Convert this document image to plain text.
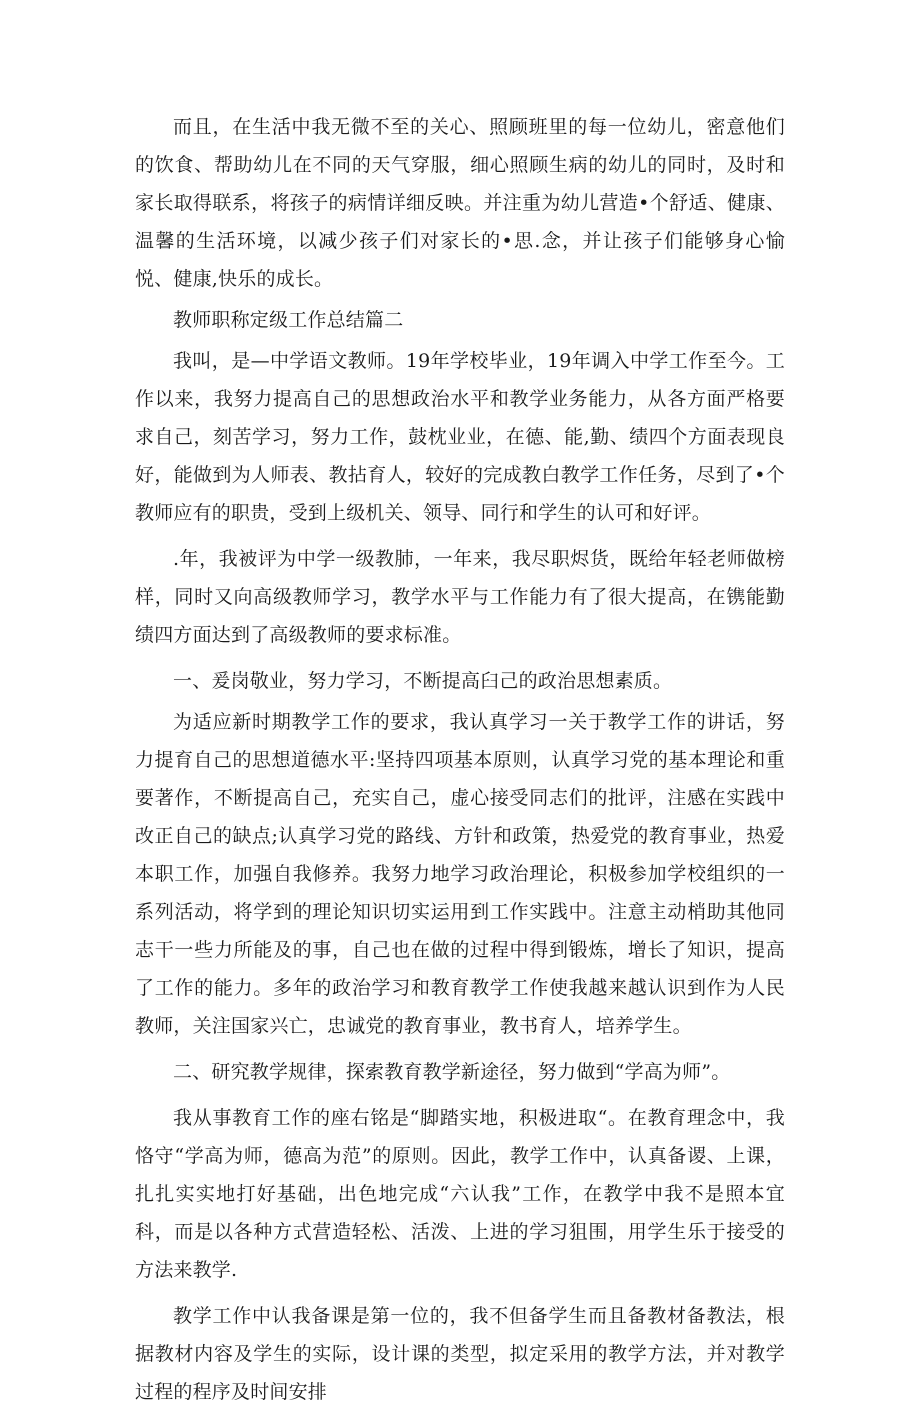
而且，在生活中我无微不至的关心、照顾班里的每一位幼儿，密意他们的饮食、帮助幼儿在不同的天气穿服，细心照顾生病的幼儿的同时，及时和家长取得联系，将孩子的病情详细反映。并注重为幼儿营造•个舒适、健康、温馨的生活环境，以减少孩子们对家长的•思.念，并让孩子们能够身心愉悦、健康,快乐的成长。

教师职称定级工作总结篇二

我叫，是—中学语文教师。19年学校毕业，19年调入中学工作至今。工作以来，我努力提高自己的思想政治水平和教学业务能力，从各方面严格要求自己，刻苦学习，努力工作，鼓枕业业，在德、能,勤、绩四个方面表现良好，能做到为人师表、教拈育人，较好的完成教白教学工作任务，尽到了•个教师应有的职贵，受到上级机关、领导、同行和学生的认可和好评。

.年，我被评为中学一级教肺，一年来，我尽职烬货，既给年轻老师做榜样，同时又向高级教师学习，教学水平与工作能力有了很大提高，在镌能勤绩四方面达到了高级教师的要求标准。

一、爰岗敬业，努力学习，不断提高臼己的政治思想素质。

为适应新时期教学工作的要求，我认真学习一关于教学工作的讲话，努力提育自己的思想道德水平:坚持四项基本原则，认真学习党的基本理论和重要著作，不断提高自己，充实自己，虚心接受同志们的批评，注感在实践中改正自己的缺点;认真学习党的路线、方针和政策，热爱党的教育事业，热爱本职工作，加强自我修养。我努力地学习政治理论，积极参加学校组织的一系列活动，将学到的理论知识切实运用到工作实践中。注意主动梢助其他同志干一些力所能及的事，自己也在做的过程中得到锻炼，增长了知识，提高了工作的能力。多年的政治学习和教育教学工作使我越来越认识到作为人民教师，关注国家兴亡，忠诚党的教育事业，教书育人，培养学生。

二、研究教学规律，探索教育教学新途径，努力做到“学高为师”。

我从事教育工作的座右铭是“脚踏实地，积极进取“。在教育理念中，我恪守“学高为师，德高为范”的原则。因此，教学工作中，认真备谡、上课，扎扎实实地打好基础，出色地完成“六认我”工作，在教学中我不是照本宜科，而是以各种方式营造轻松、活泼、上进的学习狙围，用学生乐于接受的方法来教学.

教学工作中认我备课是第一位的，我不但备学生而且备教材备教法，根据教材内容及学生的实际，设计课的类型，拟定采用的教学方法，并对教学过程的程序及时间安排
